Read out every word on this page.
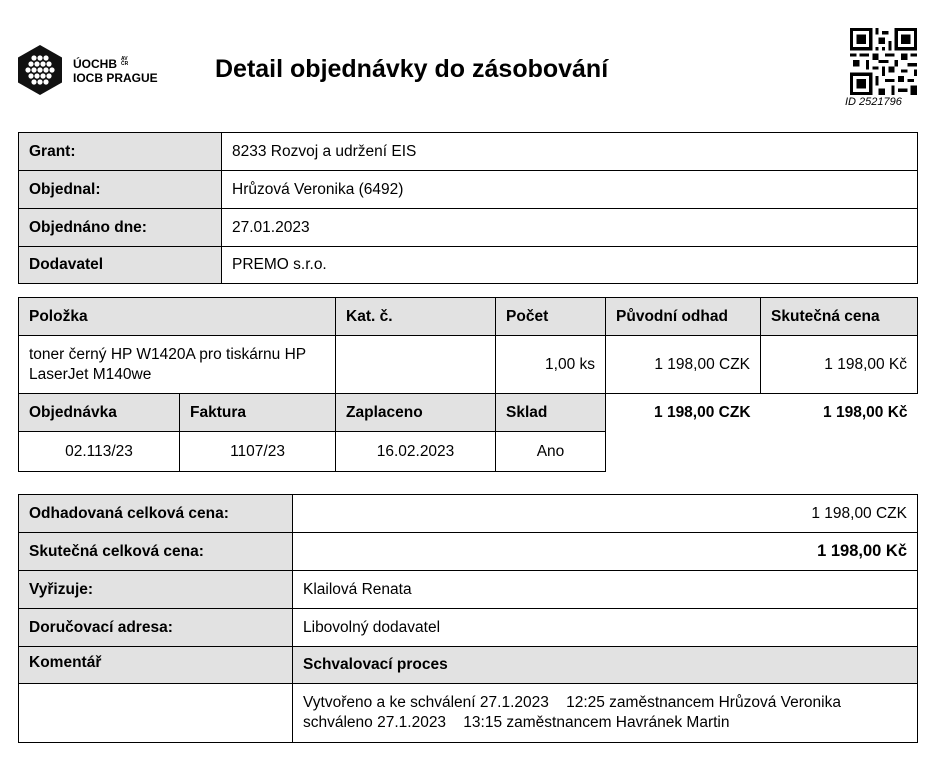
ÚOCHB AV ČR
IOCB PRAGUE Detail objednávky do zásobování
ID 2521796
Grant:	8233 Rozvoj a udržení EIS
Objednal:	Hrůzová Veronika (6492)
Objednáno dne:	27.01.2023
Dodavatel	PREMO s.r.o.
Položka		Kat. č.	Počet	Původní odhad	Skutečná cena
toner černý HP W1420A pro tiskárnu HP LaserJet M140we			1,00 ks	1 198,00 CZK	1 198,00 Kč
Objednávka	Faktura	Zaplaceno	Sklad	1 198,00 CZK	1 198,00 Kč
02.113/23	1107/23	16.02.2023	Ano		
Odhadovaná celková cena:	1 198,00 CZK
Skutečná celková cena:	1 198,00 Kč
Vyřizuje:	Klailová Renata
Doručovací adresa:	Libovolný dodavatel
Komentář	Schvalovací proces

	Vytvořeno a ke schválení 27.1.2023    12:25 zaměstnancem Hrůzová Veronika
schváleno 27.1.2023    13:15 zaměstnancem Havránek Martin
